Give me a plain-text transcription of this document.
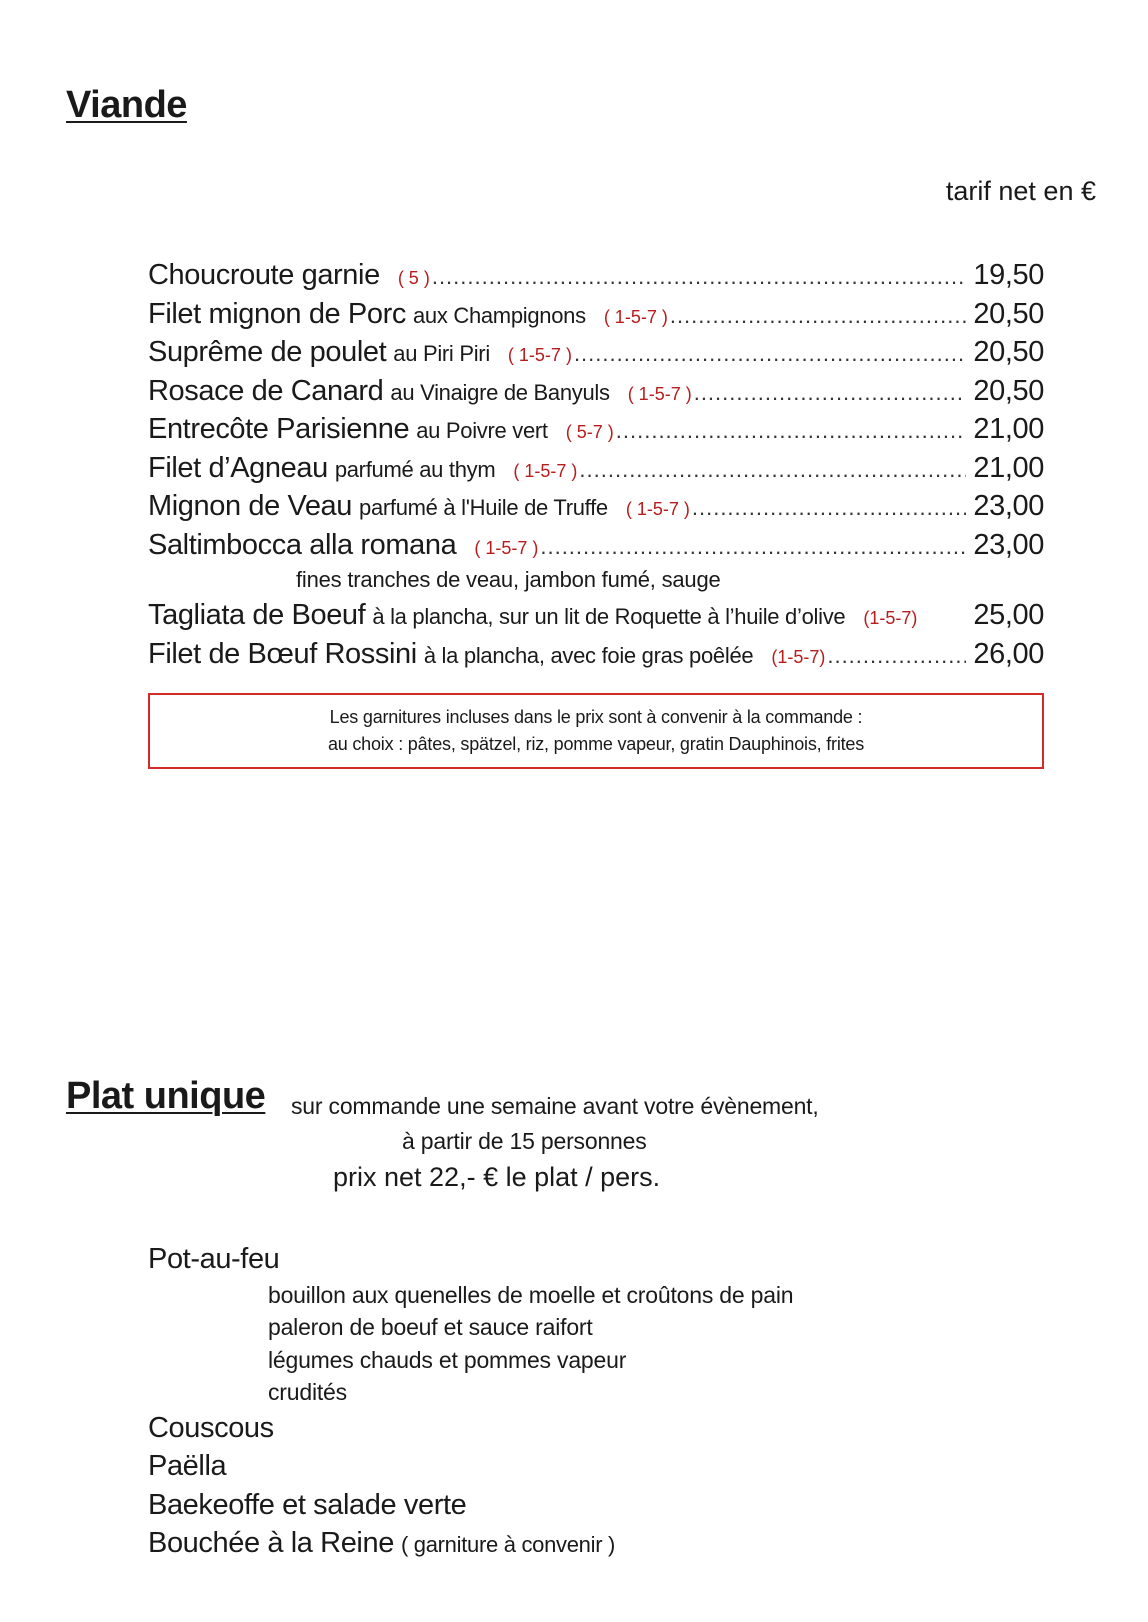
Viande
tarif net en €
Choucroute garnie ( 5 ) .....	19,50
Filet mignon de Porc aux Champignons ( 1-5-7 ) .....	20,50
Suprême de poulet au Piri Piri ( 1-5-7 ) .....	20,50
Rosace de Canard au Vinaigre de Banyuls ( 1-5-7 ) .....	20,50
Entrecôte Parisienne au Poivre vert ( 5-7 ) .....	21,00
Filet d’Agneau parfumé au thym ( 1-5-7 ) .....	21,00
Mignon de Veau parfumé à l'Huile de Truffe ( 1-5-7 ) .....	23,00
Saltimbocca alla romana ( 1-5-7 ) .....	23,00
fines tranches de veau, jambon fumé, sauge
Tagliata de Boeuf à la plancha, sur un lit de Roquette à l’huile d’olive (1-5-7) 25,00
Filet de Bœuf Rossini à la plancha, avec foie gras poêlée (1-5-7) .....	26,00
Les garnitures incluses dans le prix sont à convenir à la commande :
au choix : pâtes, spätzel, riz, pomme vapeur, gratin Dauphinois, frites
Plat unique sur commande une semaine avant votre évènement,
à partir de 15 personnes
prix net 22,- € le plat / pers.
Pot-au-feu
bouillon aux quenelles de moelle et croûtons de pain
paleron de boeuf et sauce raifort
légumes chauds et pommes vapeur
crudités
Couscous
Paëlla
Baekeoffe et salade verte
Bouchée à la Reine ( garniture à convenir )
